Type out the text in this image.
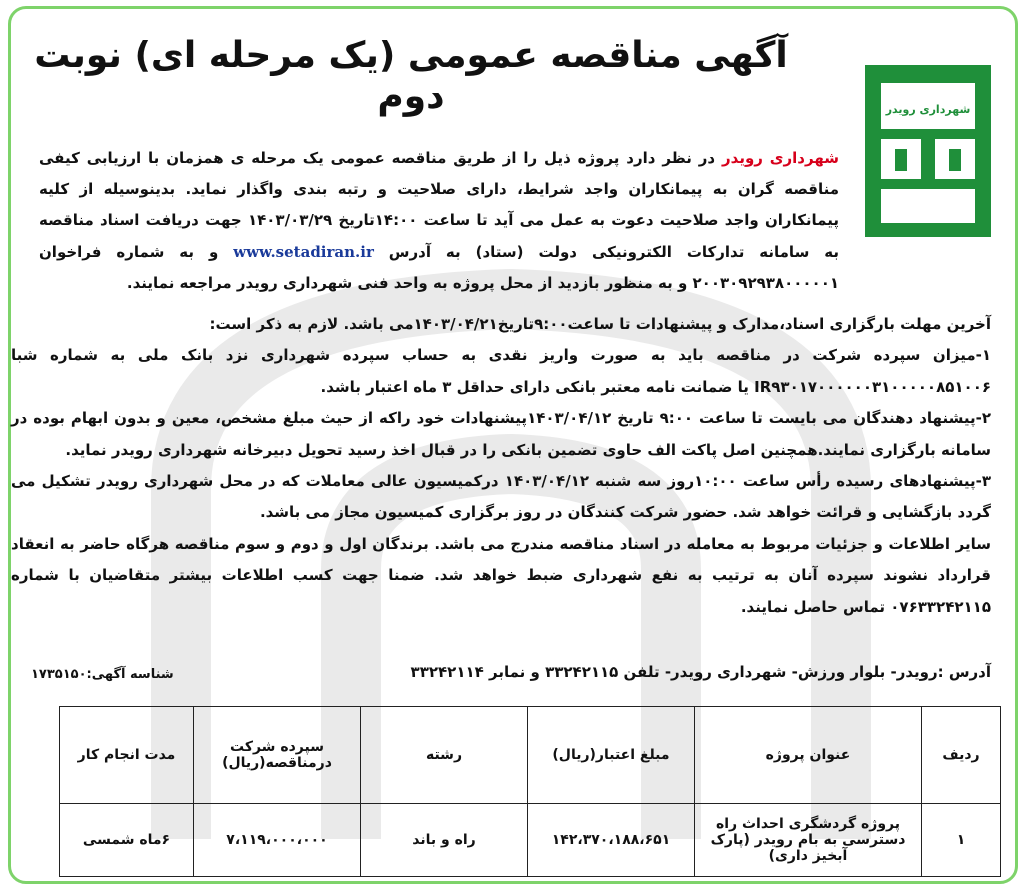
شهرداری رویدر
آگهی مناقصه عمومی (یک مرحله ای) نوبت دوم
شهرداری رویدر در نظر دارد پروژه ذیل را از طریق مناقصه عمومی یک مرحله ی همزمان با ارزیابی کیفی مناقصه گران به پیمانکاران واجد شرایط، دارای صلاحیت و رتبه بندی واگذار نماید. بدینوسیله از کلیه پیمانکاران واجد صلاحیت دعوت به عمل می آید تا ساعت ۱۴:۰۰تاریخ ۱۴۰۳/۰۳/۲۹ جهت دریافت اسناد مناقصه به سامانه تدارکات الکترونیکی دولت (ستاد) به آدرس www.setadiran.ir و به شماره فراخوان ۲۰۰۳۰۹۲۹۳۸۰۰۰۰۰۱ و به منظور بازدید از محل پروژه به واحد فنی شهرداری رویدر مراجعه نمایند.

آخرین مهلت بارگزاری اسناد،مدارک و پیشنهادات تا ساعت۹:۰۰تاریخ۱۴۰۳/۰۴/۲۱می باشد. لازم به ذکر است:

۱-میزان سپرده شرکت در مناقصه باید به صورت واریز نقدی به حساب سپرده شهرداری نزد بانک ملی به شماره شبا IR۹۳۰۱۷۰۰۰۰۰۰۳۱۰۰۰۰۰۸۵۱۰۰۶ یا ضمانت نامه معتبر بانکی دارای حداقل ۳ ماه اعتبار باشد.

۲-پیشنهاد دهندگان می بایست تا ساعت ۹:۰۰ تاریخ ۱۴۰۳/۰۴/۱۲پیشنهادات خود راکه از حیث مبلغ مشخص، معین و بدون ابهام بوده در سامانه بارگزاری نمایند.همچنین اصل پاکت الف حاوی تضمین بانکی را در قبال اخذ رسید تحویل دبیرخانه شهرداری رویدر نماید.

۳-پیشنهادهای رسیده رأس ساعت ۱۰:۰۰روز سه شنبه ۱۴۰۳/۰۴/۱۲ درکمیسیون عالی معاملات که در محل شهرداری رویدر تشکیل می گردد بازگشایی و قرائت خواهد شد. حضور شرکت کنندگان در روز برگزاری کمیسیون مجاز می باشد.

سایر اطلاعات و جزئیات مربوط به معامله در اسناد مناقصه مندرج می باشد. برندگان اول و دوم و سوم مناقصه هرگاه حاضر به انعقاد قرارداد نشوند سپرده آنان به ترتیب به نفع شهرداری ضبط خواهد شد. ضمنا جهت کسب اطلاعات بیشتر متقاضیان با شماره ۰۷۶۳۳۲۴۲۱۱۵ تماس حاصل نمایند.

آدرس :رویدر- بلوار ورزش- شهرداری رویدر- تلفن ۳۳۲۴۲۱۱۵ و نمابر ۳۳۲۴۲۱۱۴
شناسه آگهی:۱۷۳۵۱۵۰
ردیف	عنوان پروژه	مبلغ اعتبار(ریال)	رشته	سپرده شرکت درمناقصه(ریال)	مدت انجام کار
۱	پروژه گردشگری احداث راه دسترسی به بام رویدر (پارک آبخیز داری)	۱۴۲،۳۷۰،۱۸۸،۶۵۱	راه و باند	۷،۱۱۹،۰۰۰،۰۰۰	۶ماه شمسی
